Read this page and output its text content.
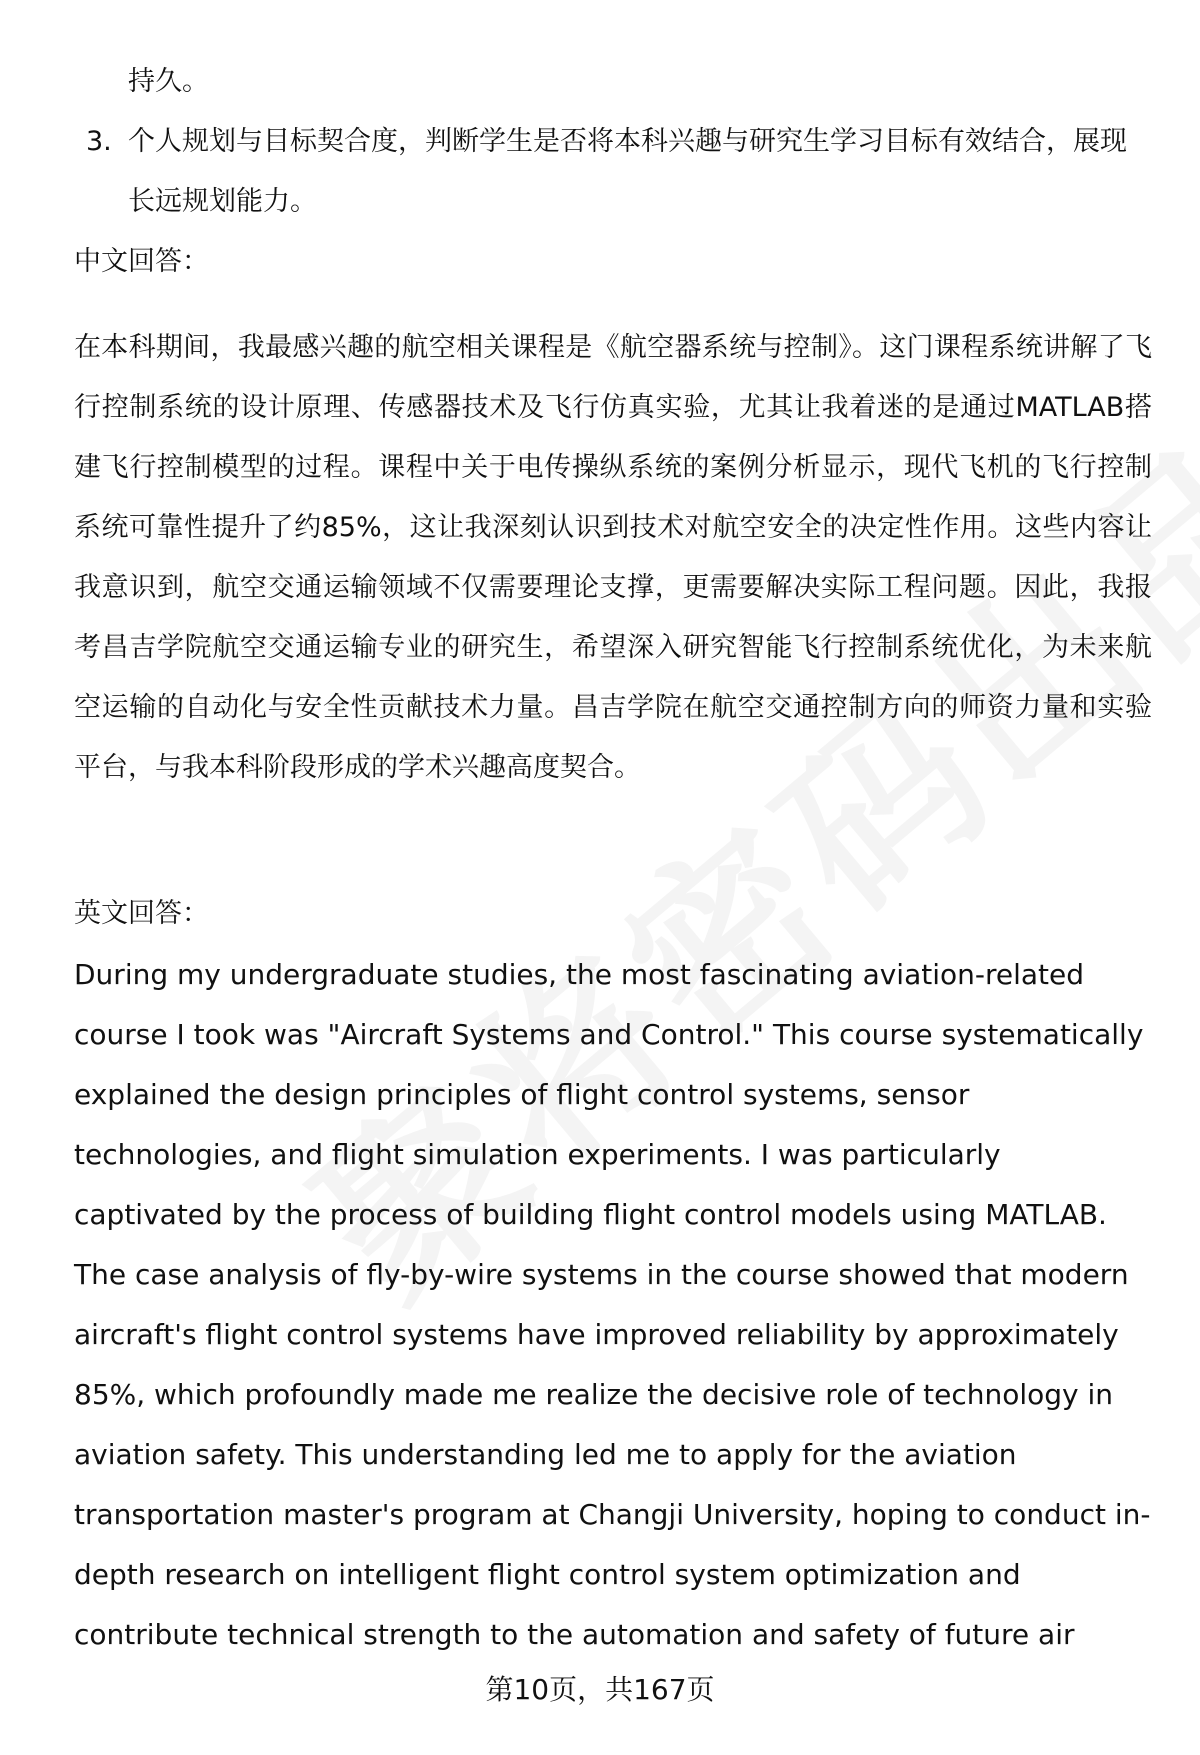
持久。
3. 个人规划与目标契合度，判断学生是否将本科兴趣与研究生学习目标有效结合，展现长远规划能力。
中文回答：

在本科期间，我最感兴趣的航空相关课程是《航空器系统与控制》。这门课程系统讲解了飞行控制系统的设计原理、传感器技术及飞行仿真实验，尤其让我着迷的是通过MATLAB搭建飞行控制模型的过程。课程中关于电传操纵系统的案例分析显示，现代飞机的飞行控制系统可靠性提升了约85%，这让我深刻认识到技术对航空安全的决定性作用。这些内容让我意识到，航空交通运输领域不仅需要理论支撑，更需要解决实际工程问题。因此，我报考昌吉学院航空交通运输专业的研究生，希望深入研究智能飞行控制系统优化，为未来航空运输的自动化与安全性贡献技术力量。昌吉学院在航空交通控制方向的师资力量和实验平台，与我本科阶段形成的学术兴趣高度契合。

英文回答：

During my undergraduate studies, the most fascinating aviation-related course I took was "Aircraft Systems and Control." This course systematically explained the design principles of flight control systems, sensor technologies, and flight simulation experiments. I was particularly captivated by the process of building flight control models using MATLAB. The case analysis of fly-by-wire systems in the course showed that modern aircraft's flight control systems have improved reliability by approximately 85%, which profoundly made me realize the decisive role of technology in aviation safety. This understanding led me to apply for the aviation transportation master's program at Changji University, hoping to conduct in-depth research on intelligent flight control system optimization and contribute technical strength to the automation and safety of future air

第10页，共167页
